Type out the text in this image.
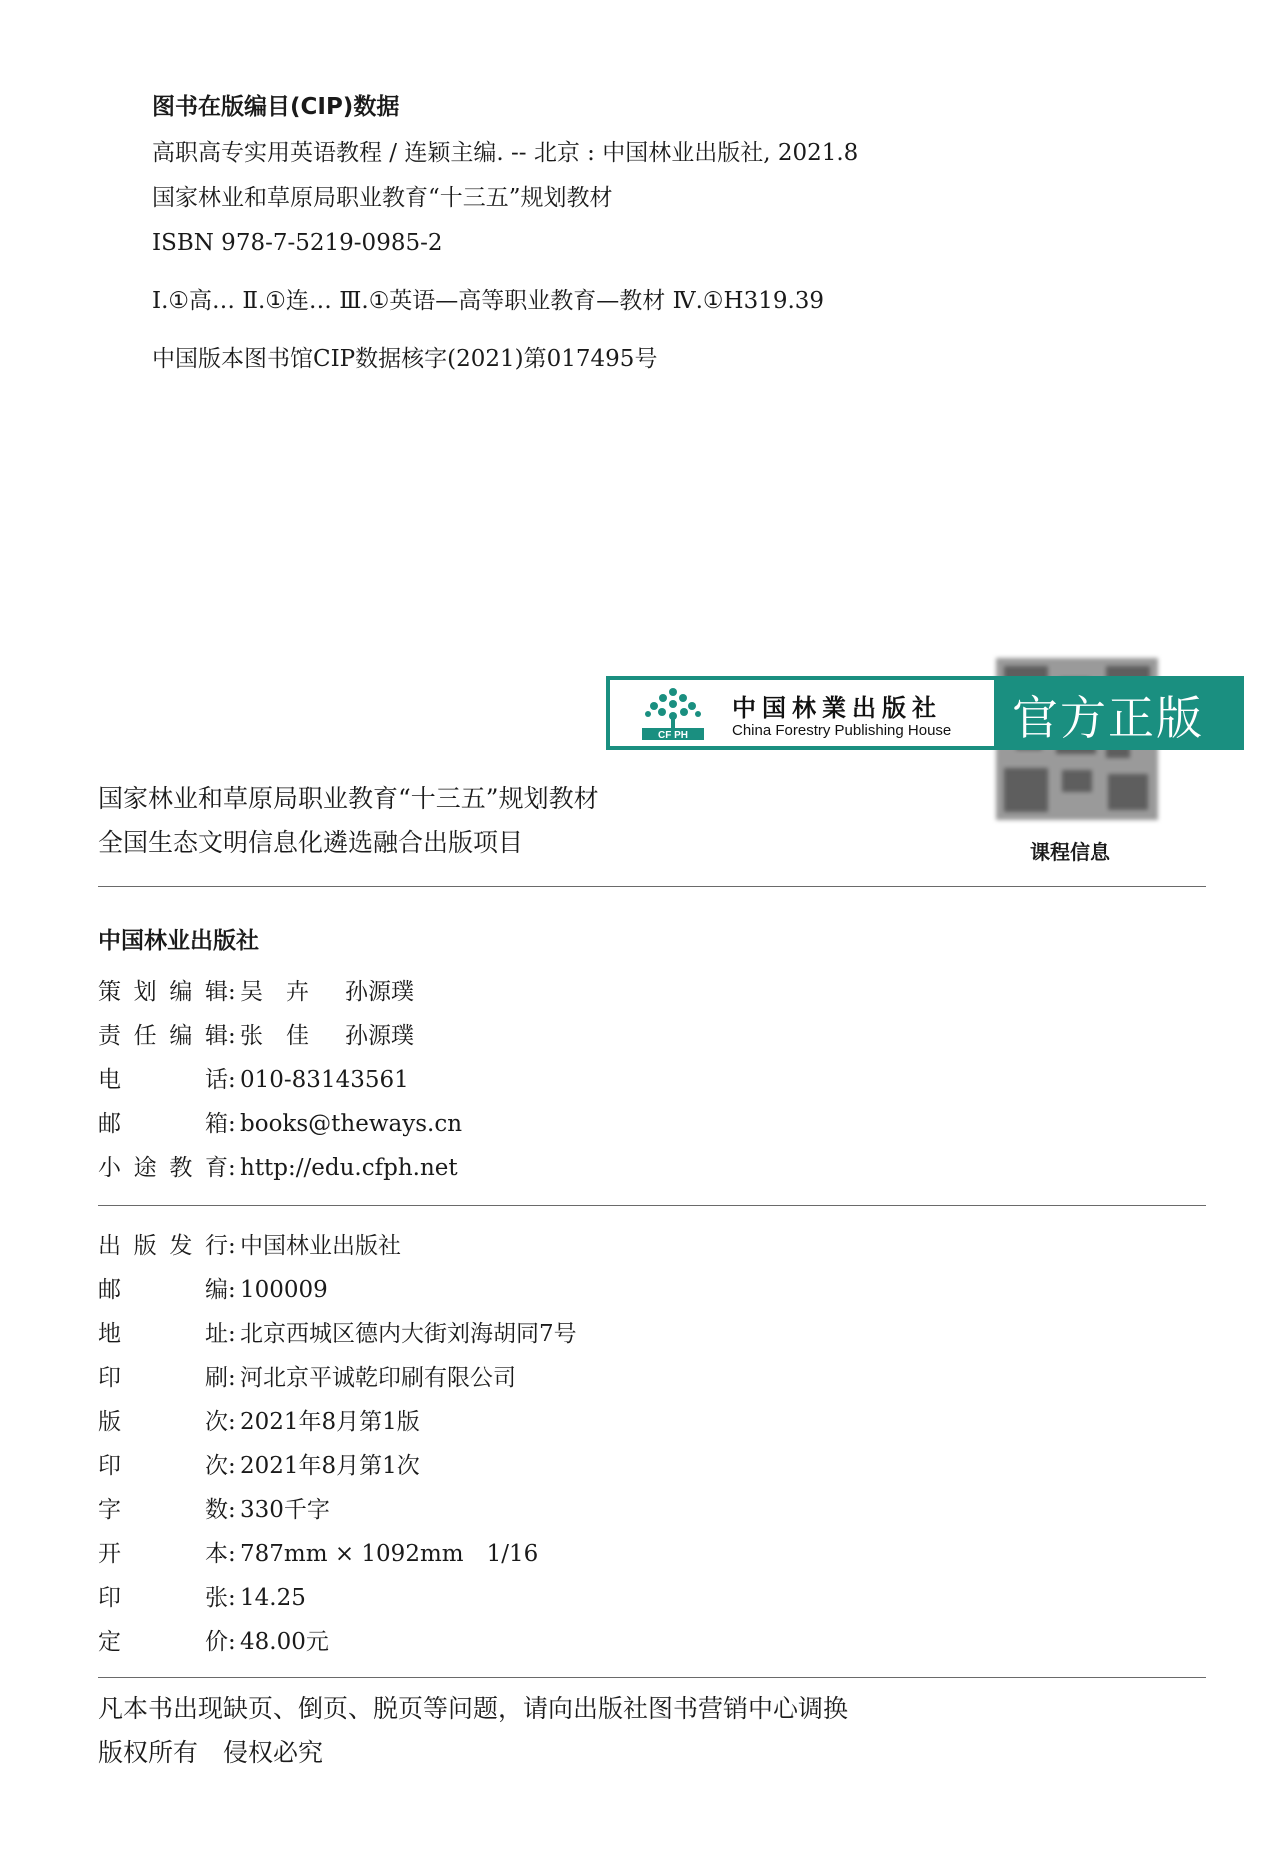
图书在版编目(CIP)数据
高职高专实用英语教程 / 连颖主编. -- 北京 : 中国林业出版社, 2021.8
国家林业和草原局职业教育“十三五”规划教材
ISBN 978-7-5219-0985-2
Ⅰ.①高… Ⅱ.①连… Ⅲ.①英语—高等职业教育—教材 Ⅳ.①H319.39
中国版本图书馆CIP数据核字(2021)第017495号
课程信息
CF PH
中国林業出版社
China Forestry Publishing House 官方正版
国家林业和草原局职业教育“十三五”规划教材
全国生态文明信息化遴选融合出版项目
中国林业出版社
策划编辑: 吴　卉 孙源璞
责任编辑: 张　佳 孙源璞
电话: 010-83143561
邮箱: books@theways.cn
小途教育: http://edu.cfph.net
出版发行: 中国林业出版社
邮编: 100009
地址: 北京西城区德内大街刘海胡同7号
印刷: 河北京平诚乾印刷有限公司
版次: 2021年8月第1版
印次: 2021年8月第1次
字数: 330千字
开本: 787mm × 1092mm　1/16
印张: 14.25
定价: 48.00元
凡本书出现缺页、倒页、脱页等问题，请向出版社图书营销中心调换
版权所有　侵权必究
